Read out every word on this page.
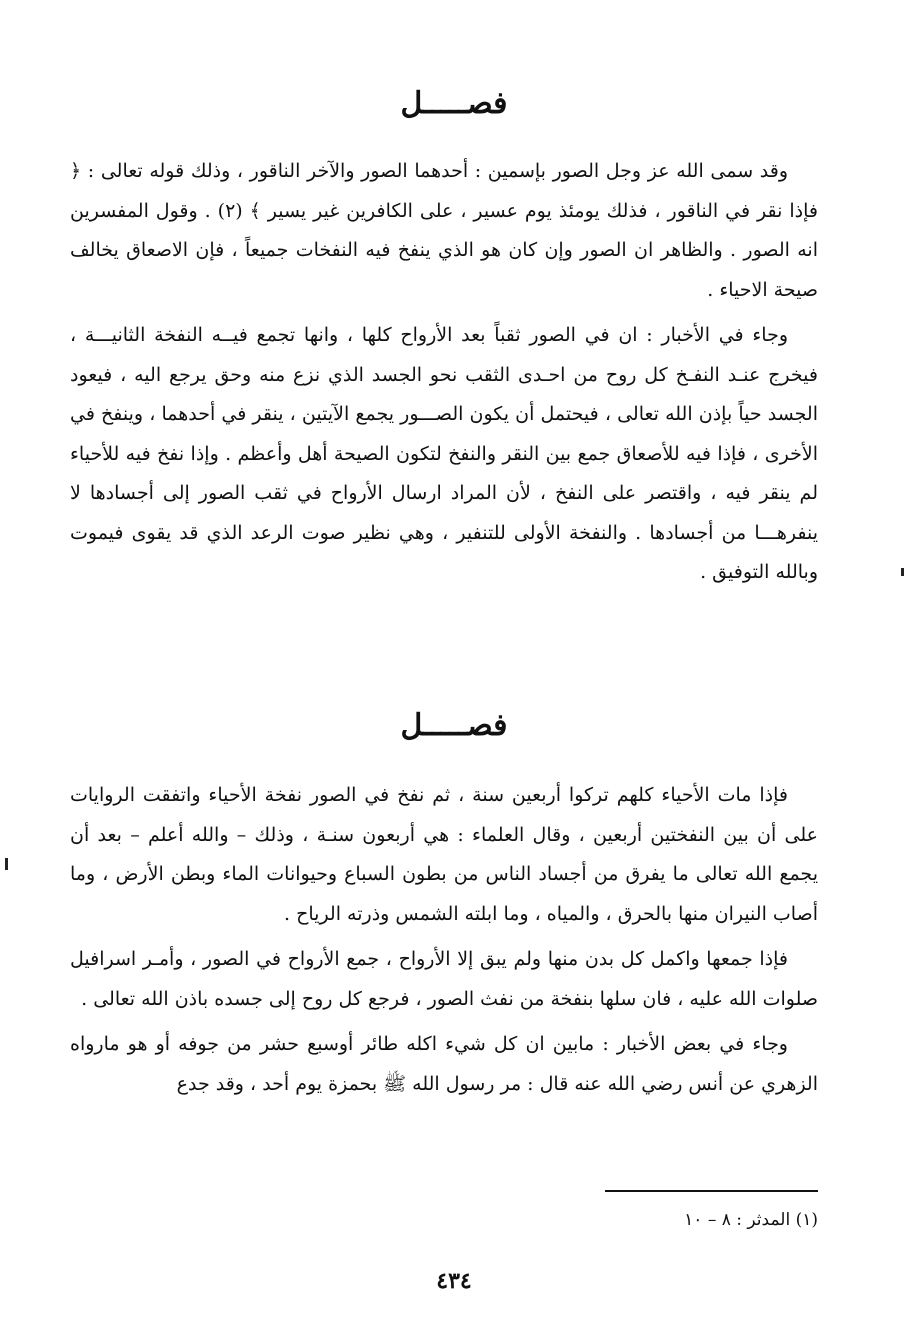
فصـــــل

وقد سمى الله عز وجل الصور بإسمين : أحدهما الصور والآخر الناقور ، وذلك قوله تعالى : ﴿ فإذا نقر في الناقور ، فذلك يومئذ يوم عسير ، على الكافرين غير يسير ﴾ (٢) . وقول المفسرين انه الصور . والظاهر ان الصور وإن كان هو الذي ينفخ فيه النفخات جميعاً ، فإن الاصعاق يخالف صيحة الاحياء .

وجاء في الأخبار : ان في الصور ثقباً بعد الأرواح كلها ، وانها تجمع فيــه النفخة الثانيـــة ، فيخرج عنـد النفـخ كل روح من احـدى الثقب نحو الجسد الذي نزع منه وحق يرجع اليه ، فيعود الجسد حياً بإذن الله تعالى ، فيحتمل أن يكون الصـــور يجمع الآيتين ، ينقر في أحدهما ، وينفخ في الأخرى ، فإذا فيه للأصعاق جمع بين النقر والنفخ لتكون الصيحة أهل وأعظم . وإذا نفخ فيه للأحياء لم ينقر فيه ، واقتصر على النفخ ، لأن المراد ارسال الأرواح في ثقب الصور إلى أجسادها لا ينفرهـــا من أجسادها . والنفخة الأولى للتنفير ، وهي نظير صوت الرعد الذي قد يقوى فيموت وبالله التوفيق .

فصـــــل

فإذا مات الأحياء كلهم تركوا أربعين سنة ، ثم نفخ في الصور نفخة الأحياء واتفقت الروايات على أن بين النفختين أربعين ، وقال العلماء : هي أربعون سنـة ، وذلك – والله أعلم – بعد أن يجمع الله تعالى ما يفرق من أجساد الناس من بطون السباع وحيوانات الماء وبطن الأرض ، وما أصاب النيران منها بالحرق ، والمياه ، وما ابلته الشمس وذرته الرياح .

فإذا جمعها واكمل كل بدن منها ولم يبق إلا الأرواح ، جمع الأرواح في الصور ، وأمـر اسرافيل صلوات الله عليه ، فان سلها بنفخة من نفث الصور ، فرجع كل روح إلى جسده باذن الله تعالى .

وجاء في بعض الأخبار : مابين ان كل شيء اكله طائر أوسبع حشر من جوفه أو هو مارواه الزهري عن أنس رضي الله عنه قال : مر رسول الله ﷺ بحمزة يوم أحد ، وقد جدع

(١) المدثر : ٨ – ١٠
٤٣٤
